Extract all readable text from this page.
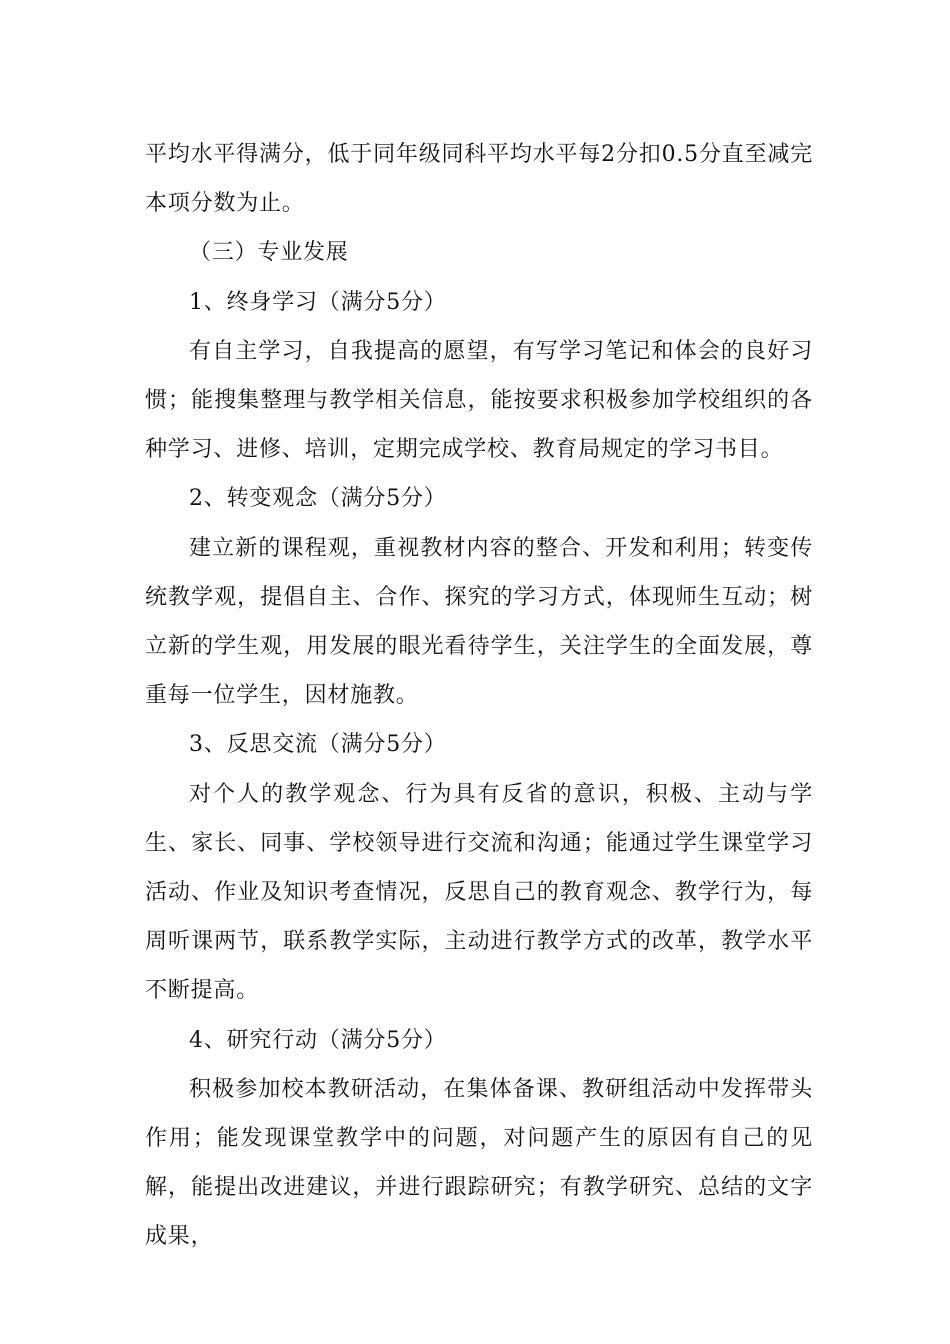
平均水平得满分，低于同年级同科平均水平每2分扣0.5分直至减完本项分数为止。

（三）专业发展

1、终身学习（满分5分）

有自主学习，自我提高的愿望，有写学习笔记和体会的良好习惯；能搜集整理与教学相关信息，能按要求积极参加学校组织的各种学习、进修、培训，定期完成学校、教育局规定的学习书目。

2、转变观念（满分5分）

建立新的课程观，重视教材内容的整合、开发和利用；转变传统教学观，提倡自主、合作、探究的学习方式，体现师生互动；树立新的学生观，用发展的眼光看待学生，关注学生的全面发展，尊重每一位学生，因材施教。

3、反思交流（满分5分）

对个人的教学观念、行为具有反省的意识，积极、主动与学生、家长、同事、学校领导进行交流和沟通；能通过学生课堂学习活动、作业及知识考查情况，反思自己的教育观念、教学行为，每周听课两节，联系教学实际，主动进行教学方式的改革，教学水平不断提高。

4、研究行动（满分5分）

积极参加校本教研活动，在集体备课、教研组活动中发挥带头作用；能发现课堂教学中的问题，对问题产生的原因有自己的见解，能提出改进建议，并进行跟踪研究；有教学研究、总结的文字成果，
